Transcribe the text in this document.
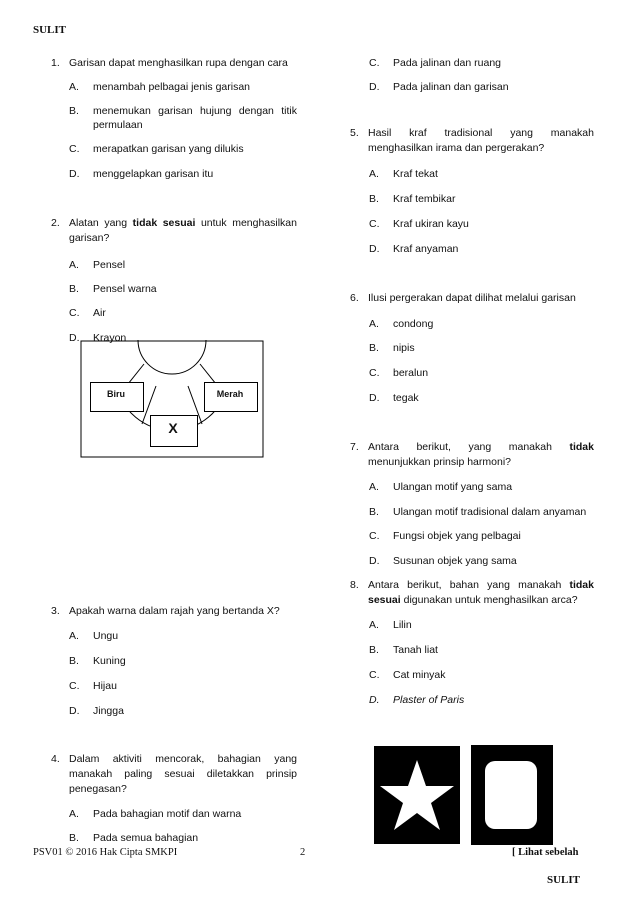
SULIT
1. Garisan dapat menghasilkan rupa dengan cara
A. menambah pelbagai jenis garisan
B. menemukan garisan hujung dengan titik permulaan
C. merapatkan garisan yang dilukis
D. menggelapkan garisan itu
2. Alatan yang tidak sesuai untuk menghasilkan garisan?
A. Pensel
B. Pensel warna
C. Air
D. Krayon
Biru	Merah
X
3. Apakah warna dalam rajah yang bertanda X?
A. Ungu
B. Kuning
C. Hijau
D. Jingga
4. Dalam aktiviti mencorak, bahagian yang manakah paling sesuai diletakkan prinsip penegasan?
A. Pada bahagian motif dan warna
B. Pada semua bahagian
C. Pada jalinan dan ruang
D. Pada jalinan dan garisan
5. Hasil kraf tradisional yang manakah menghasilkan irama dan pergerakan?
A. Kraf tekat
B. Kraf tembikar
C. Kraf ukiran kayu
D. Kraf anyaman
6. Ilusi pergerakan dapat dilihat melalui garisan
A. condong
B. nipis
C. beralun
D. tegak
7. Antara berikut, yang manakah tidak menunjukkan prinsip harmoni?
A. Ulangan motif yang sama
B. Ulangan motif tradisional dalam anyaman
C. Fungsi objek yang pelbagai
D. Susunan objek yang sama
8. Antara berikut, bahan yang manakah tidak sesuai digunakan untuk menghasilkan arca?
A. Lilin
B. Tanah liat
C. Cat minyak
D. Plaster of Paris
PSV01 © 2016 Hak Cipta SMKPI	2	[ Lihat sebelah
SULIT
